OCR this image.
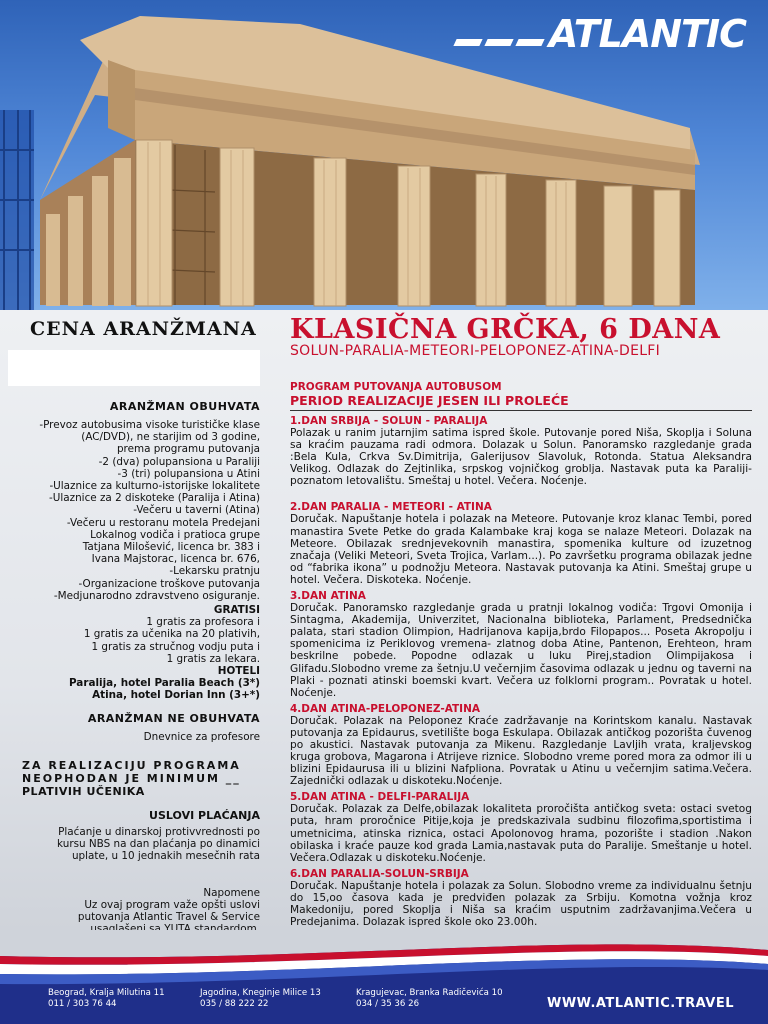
ATLANTIC
CENA ARANŽMANA
ARANŽMAN OBUHVATA
-Prevoz autobusima visoke turističke klase
(AC/DVD), ne starijim od 3 godine,
prema programu putovanja
-2 (dva) polupansiona u Paraliji
-3 (tri) polupansiona u Atini
-Ulaznice za kulturno-istorijske lokalitete
-Ulaznice za 2 diskoteke (Paralija i Atina)
-Večeru u taverni (Atina)
-Večeru u restoranu motela Predejani
Lokalnog vodiča i pratioca grupe
Tatjana Milošević, licenca br. 383 i
Ivana Majstorac, licenca br. 676,
-Lekarsku pratnju
-Organizacione troškove putovanja
-Medjunarodno zdravstveno osiguranje.
GRATISI
1 gratis za profesora i
1 gratis za učenika na 20 plativih,
1 gratis za stručnog vodju puta i
1 gratis za lekara.
HOTELI
Paralija, hotel Paralia Beach (3*)
Atina, hotel Dorian Inn (3+*)
ARANŽMAN NE OBUHVATA
Dnevnice za profesore
ZA REALIZACIJU PROGRAMA
NEOPHODAN JE MINIMUM __
PLATIVIH UČENIKA
USLOVI PLAĆANJA
Plaćanje u dinarskoj protivvrednosti po
kursu NBS na dan plaćanja po dinamici
uplate, u 10 jednakih mesečnih rata
Napomene
Uz ovaj program važe opšti uslovi
putovanja Atlantic Travel & Service
KLASIČNA GRČKA, 6 DANA
SOLUN-PARALIA-METEORI-PELOPONEZ-ATINA-DELFI
PROGRAM PUTOVANJA AUTOBUSOM
PERIOD REALIZACIJE JESEN ILI PROLEĆE
1.DAN SRBIJA - SOLUN - PARALIJA
Polazak u ranim jutarnjim satima ispred škole. Putovanje pored Niša, Skoplja i Soluna sa kraćim pauzama radi odmora. Dolazak u Solun. Panoramsko razgledanje grada :Bela Kula, Crkva Sv.Dimitrija, Galerijusov Slavoluk, Rotonda. Statua Aleksandra Velikog. Odlazak do Zejtinlika, srpskog vojničkog groblja. Nastavak puta ka Paraliji- poznatom letovalištu. Smeštaj u hotel. Večera. Noćenje.
2.DAN PARALIA - METEORI - ATINA
Doručak. Napuštanje hotela i polazak na Meteore. Putovanje kroz klanac Tembi, pored manastira Svete Petke do grada Kalambake kraj koga se nalaze Meteori. Dolazak na Meteore. Obilazak srednjevekovnih manastira, spomenika kulture od izuzetnog značaja (Veliki Meteori, Sveta Trojica, Varlam...). Po završetku programa obilazak jedne od “fabrika ikona” u podnožju Meteora. Nastavak putovanja ka Atini. Smeštaj grupe u hotel. Večera. Diskoteka. Noćenje.
3.DAN ATINA
Doručak. Panoramsko razgledanje grada u pratnji lokalnog vodiča: Trgovi Omonija i Sintagma, Akademija, Univerzitet, Nacionalna biblioteka, Parlament, Predsednička palata, stari stadion Olimpion, Hadrijanova kapija,brdo Filopapos... Poseta Akropolju i spomenicima iz Periklovog vremena- zlatnog doba Atine, Pantenon, Erehteon, hram beskrilne pobede. Popodne odlazak u luku Pirej,stadion Olimpijakosa i Glifadu.Slobodno vreme za šetnju.U večernjim časovima odlazak u jednu og taverni na Plaki - poznati atinski boemski kvart. Večera uz folklorni program.. Povratak u hotel. Noćenje.
4.DAN ATINA-PELOPONEZ-ATINA
Doručak. Polazak na Peloponez Kraće zadržavanje na Korintskom kanalu. Nastavak putovanja za Epidaurus, svetilište boga Eskulapa. Obilazak antičkog pozorišta čuvenog po akustici. Nastavak putovanja za Mikenu. Razgledanje Lavljih vrata, kraljevskog kruga grobova, Magarona i Atrijeve riznice. Slobodno vreme pored mora za odmor ili u blizini Epidaurusa ili u blizini Nafpliona. Povratak u Atinu u večernjim satima.Večera. Zajednički odlazak u diskoteku.Noćenje.
5.DAN ATINA - DELFI-PARALIJA
Doručak. Polazak za Delfe,obilazak lokaliteta proročišta antičkog sveta: ostaci svetog puta, hram proročnice Pitije,koja je predskazivala sudbinu filozofima,sportistima i umetnicima, atinska riznica, ostaci Apolonovog hrama, pozorište i stadion .Nakon obilaska i kraće pauze kod grada Lamia,nastavak puta do Paralije. Smeštanje u hotel. Večera.Odlazak u diskoteku.Noćenje.
6.DAN PARALIA-SOLUN-SRBIJA
Doručak. Napuštanje hotela i polazak za Solun. Slobodno vreme za individualnu šetnju do 15,oo časova kada je predviđen polazak za Srbiju. Komotna vožnja kroz Makedoniju, pored Skoplja i Niša sa kraćim usputnim zadržavanjima.Večera u Predejanima. Dolazak ispred škole oko 23.00h.
Beograd, Kralja Milutina 11
011 / 303 76 44
Jagodina, Kneginje Milice 13
035 / 88 222 22
Kragujevac, Branka Radičevića 10
034 / 35 36 26	WWW.ATLANTIC.TRAVEL
